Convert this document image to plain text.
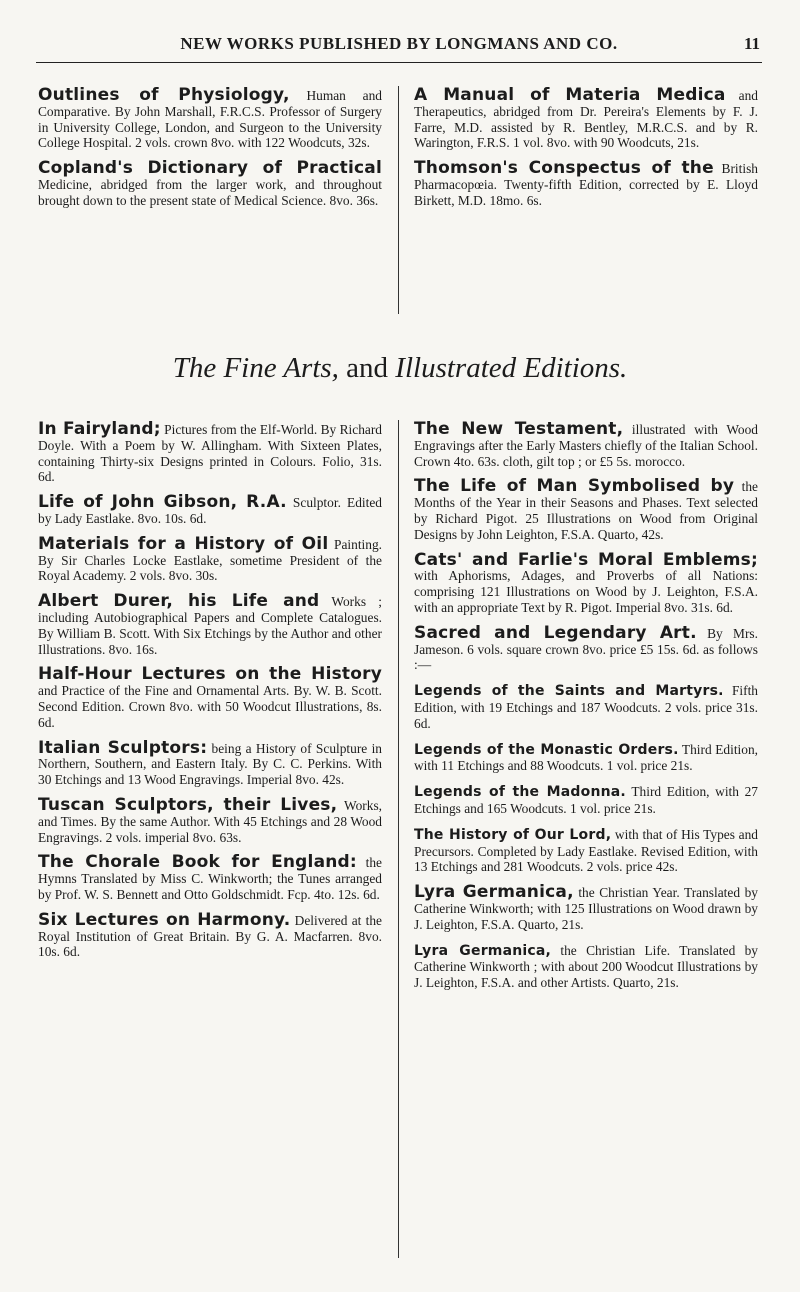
NEW WORKS PUBLISHED BY LONGMANS AND CO.	11

Outlines of Physiology, Human and Comparative. By John Marshall, F.R.C.S. Professor of Surgery in University College, London, and Surgeon to the University College Hospital. 2 vols. crown 8vo. with 122 Woodcuts, 32s.

Copland's Dictionary of Practical Medicine, abridged from the larger work, and throughout brought down to the present state of Medical Science. 8vo. 36s.

A Manual of Materia Medica and Therapeutics, abridged from Dr. Pereira's Elements by F. J. Farre, M.D. assisted by R. Bentley, M.R.C.S. and by R. Warington, F.R.S. 1 vol. 8vo. with 90 Woodcuts, 21s.

Thomson's Conspectus of the British Pharmacopœia. Twenty-fifth Edition, corrected by E. Lloyd Birkett, M.D. 18mo. 6s.

The Fine Arts, and Illustrated Editions.

In Fairyland; Pictures from the Elf-World. By Richard Doyle. With a Poem by W. Allingham. With Sixteen Plates, containing Thirty-six Designs printed in Colours. Folio, 31s. 6d.

Life of John Gibson, R.A. Sculptor. Edited by Lady Eastlake. 8vo. 10s. 6d.

Materials for a History of Oil Painting. By Sir Charles Locke Eastlake, sometime President of the Royal Academy. 2 vols. 8vo. 30s.

Albert Durer, his Life and Works ; including Autobiographical Papers and Complete Catalogues. By William B. Scott. With Six Etchings by the Author and other Illustrations. 8vo. 16s.

Half-Hour Lectures on the History and Practice of the Fine and Ornamental Arts. By. W. B. Scott. Second Edition. Crown 8vo. with 50 Woodcut Illustrations, 8s. 6d.

Italian Sculptors: being a History of Sculpture in Northern, Southern, and Eastern Italy. By C. C. Perkins. With 30 Etchings and 13 Wood Engravings. Imperial 8vo. 42s.

Tuscan Sculptors, their Lives, Works, and Times. By the same Author. With 45 Etchings and 28 Wood Engravings. 2 vols. imperial 8vo. 63s.

The Chorale Book for England: the Hymns Translated by Miss C. Winkworth; the Tunes arranged by Prof. W. S. Bennett and Otto Goldschmidt. Fcp. 4to. 12s. 6d.

Six Lectures on Harmony. Delivered at the Royal Institution of Great Britain. By G. A. Macfarren. 8vo. 10s. 6d.

The New Testament, illustrated with Wood Engravings after the Early Masters chiefly of the Italian School. Crown 4to. 63s. cloth, gilt top ; or £5 5s. morocco.

The Life of Man Symbolised by the Months of the Year in their Seasons and Phases. Text selected by Richard Pigot. 25 Illustrations on Wood from Original Designs by John Leighton, F.S.A. Quarto, 42s.

Cats' and Farlie's Moral Emblems; with Aphorisms, Adages, and Proverbs of all Nations: comprising 121 Illustrations on Wood by J. Leighton, F.S.A. with an appropriate Text by R. Pigot. Imperial 8vo. 31s. 6d.

Sacred and Legendary Art. By Mrs. Jameson. 6 vols. square crown 8vo. price £5 15s. 6d. as follows :—

Legends of the Saints and Martyrs. Fifth Edition, with 19 Etchings and 187 Woodcuts. 2 vols. price 31s. 6d.

Legends of the Monastic Orders. Third Edition, with 11 Etchings and 88 Woodcuts. 1 vol. price 21s.

Legends of the Madonna. Third Edition, with 27 Etchings and 165 Woodcuts. 1 vol. price 21s.

The History of Our Lord, with that of His Types and Precursors. Completed by Lady Eastlake. Revised Edition, with 13 Etchings and 281 Woodcuts. 2 vols. price 42s.

Lyra Germanica, the Christian Year. Translated by Catherine Winkworth; with 125 Illustrations on Wood drawn by J. Leighton, F.S.A. Quarto, 21s.

Lyra Germanica, the Christian Life. Translated by Catherine Winkworth ; with about 200 Woodcut Illustrations by J. Leighton, F.S.A. and other Artists. Quarto, 21s.
